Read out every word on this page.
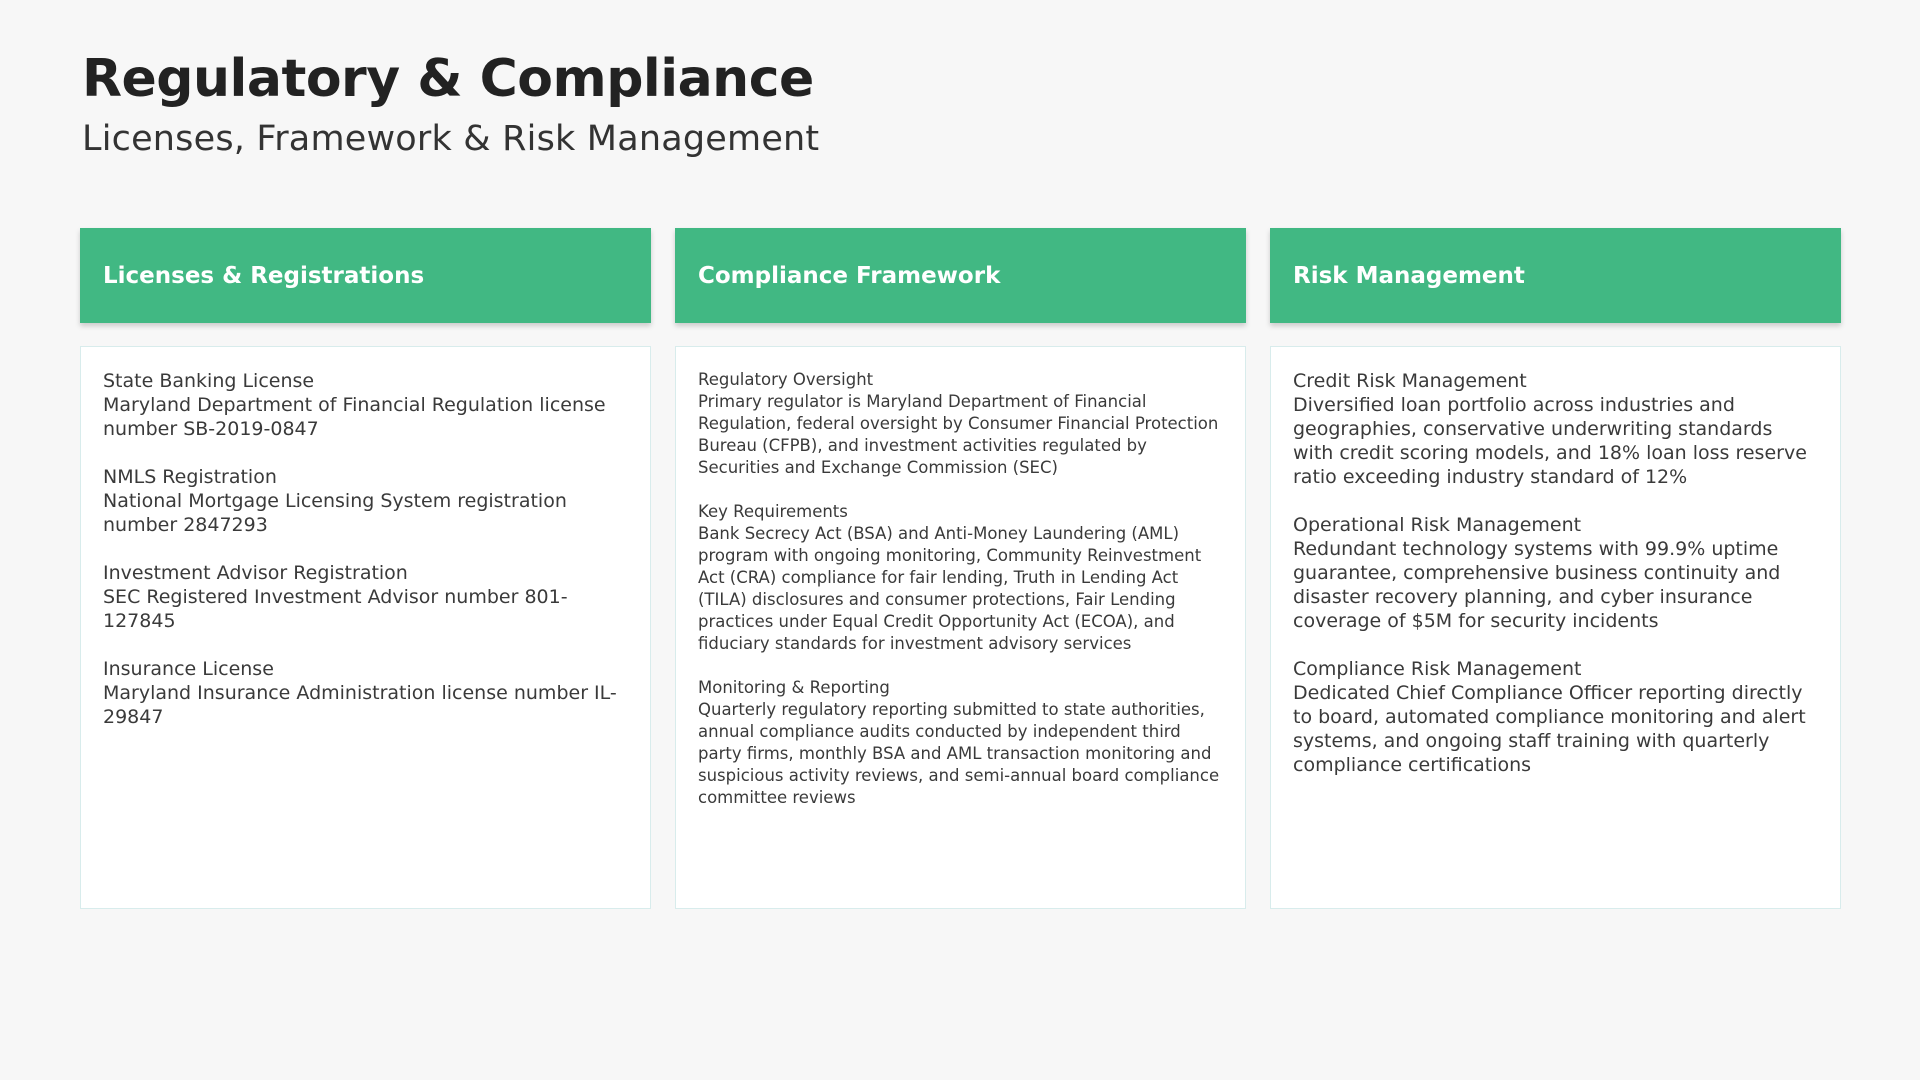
Regulatory & Compliance

Licenses, Framework & Risk Management

Licenses & Registrations
State Banking License
Maryland Department of Financial Regulation license number SB-2019-0847
NMLS Registration
National Mortgage Licensing System registration number 2847293
Investment Advisor Registration
SEC Registered Investment Advisor number 801-127845
Insurance License
Maryland Insurance Administration license number IL-29847
Compliance Framework
Regulatory Oversight
Primary regulator is Maryland Department of Financial Regulation, federal oversight by Consumer Financial Protection Bureau (CFPB), and investment activities regulated by Securities and Exchange Commission (SEC)
Key Requirements
Bank Secrecy Act (BSA) and Anti-Money Laundering (AML) program with ongoing monitoring, Community Reinvestment Act (CRA) compliance for fair lending, Truth in Lending Act (TILA) disclosures and consumer protections, Fair Lending practices under Equal Credit Opportunity Act (ECOA), and fiduciary standards for investment advisory services
Monitoring & Reporting
Quarterly regulatory reporting submitted to state authorities, annual compliance audits conducted by independent third party firms, monthly BSA and AML transaction monitoring and suspicious activity reviews, and semi-annual board compliance committee reviews
Risk Management
Credit Risk Management
Diversified loan portfolio across industries and geographies, conservative underwriting standards with credit scoring models, and 18% loan loss reserve ratio exceeding industry standard of 12%
Operational Risk Management
Redundant technology systems with 99.9% uptime guarantee, comprehensive business continuity and disaster recovery planning, and cyber insurance coverage of $5M for security incidents
Compliance Risk Management
Dedicated Chief Compliance Officer reporting directly to board, automated compliance monitoring and alert systems, and ongoing staff training with quarterly compliance certifications
